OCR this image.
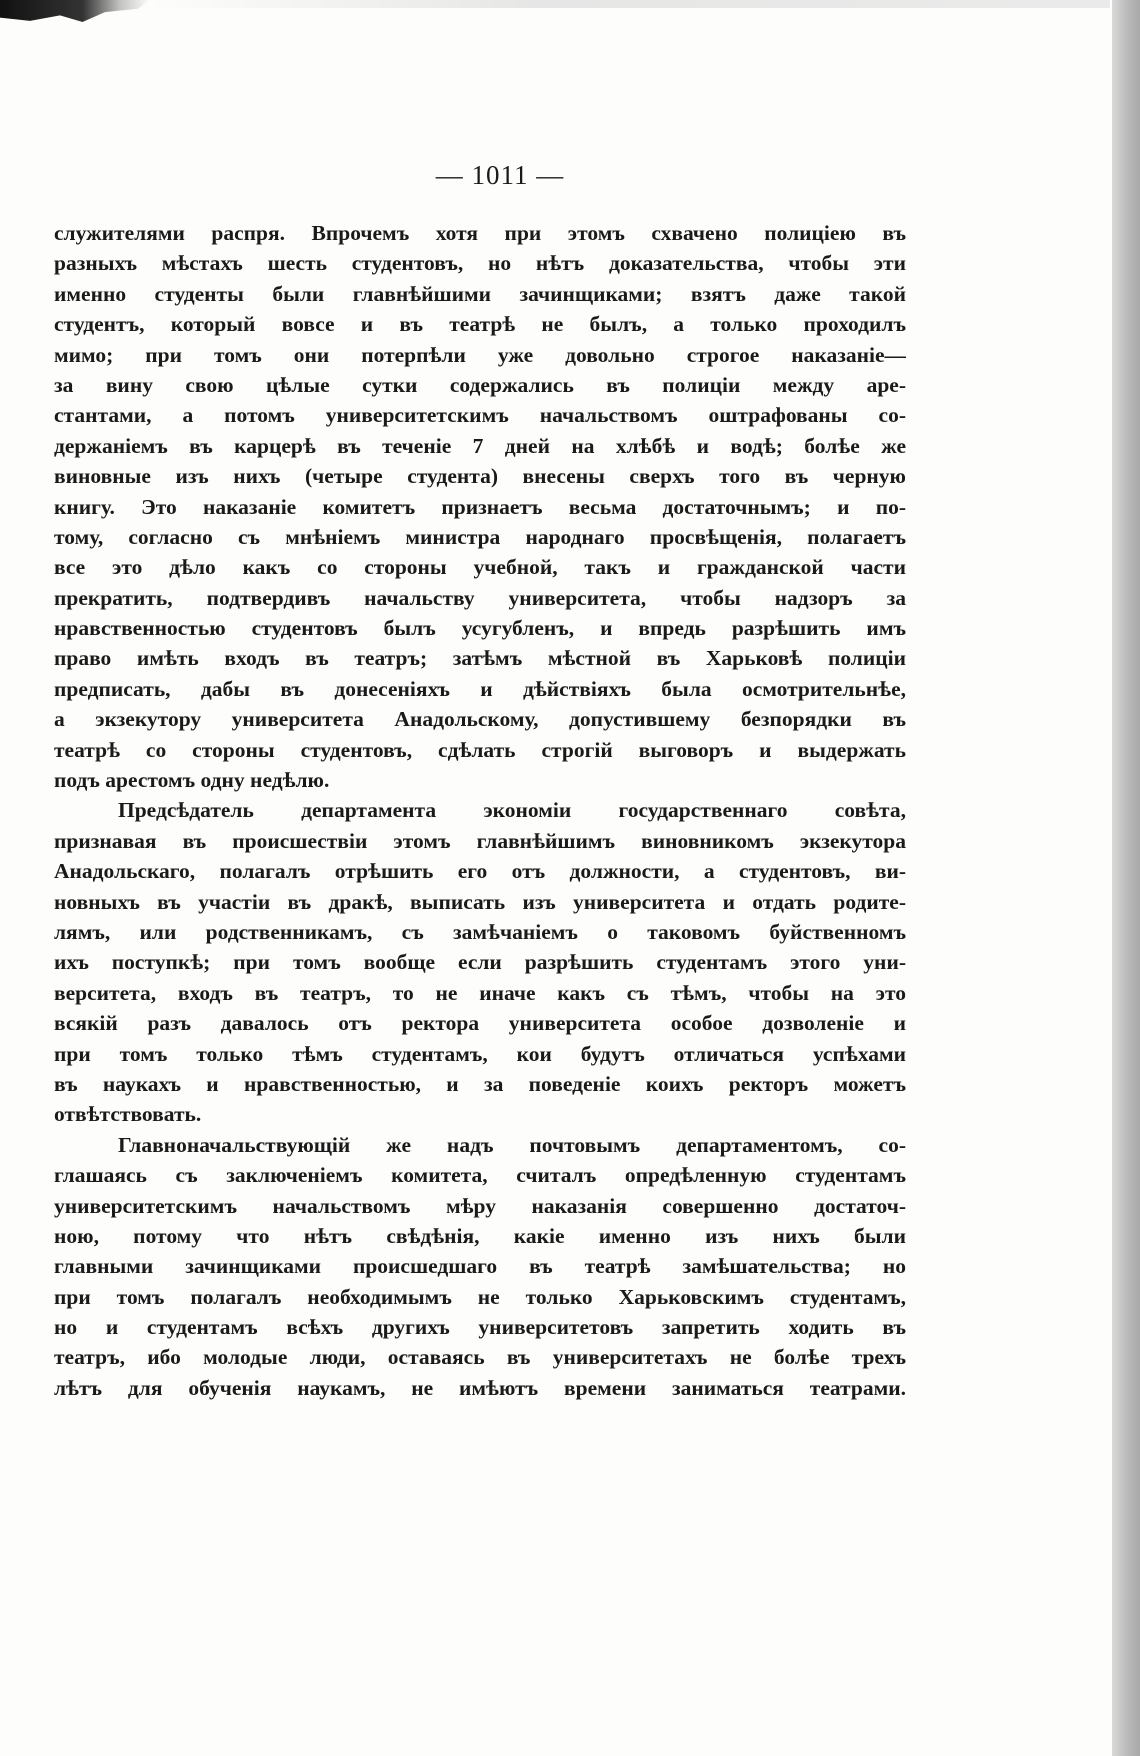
— 1011 —
служителями распря. Впрочемъ хотя при этомъ схвачено полиціею въ
разныхъ мѣстахъ шесть студентовъ, но нѣтъ доказательства, чтобы эти
именно студенты были главнѣйшими зачинщиками; взятъ даже такой
студентъ, который вовсе и въ театрѣ не былъ, а только проходилъ
мимо; при томъ они потерпѣли уже довольно строгое наказаніе—
за вину свою цѣлые сутки содержались въ полиціи между аре-
стантами, а потомъ университетскимъ начальствомъ оштрафованы со-
держаніемъ въ карцерѣ въ теченіе 7 дней на хлѣбѣ и водѣ; болѣе же
виновные изъ нихъ (четыре студента) внесены сверхъ того въ черную
книгу. Это наказаніе комитетъ признаетъ весьма достаточнымъ; и по-
тому, согласно съ мнѣніемъ министра народнаго просвѣщенія, полагаетъ
все это дѣло какъ со стороны учебной, такъ и гражданской части
прекратить, подтвердивъ начальству университета, чтобы надзоръ за
нравственностью студентовъ былъ усугубленъ, и впредь разрѣшить имъ
право имѣть входъ въ театръ; затѣмъ мѣстной въ Харьковѣ полиціи
предписать, дабы въ донесеніяхъ и дѣйствіяхъ была осмотрительнѣе,
а экзекутору университета Анадольскому, допустившему безпорядки въ
театрѣ со стороны студентовъ, сдѣлать строгій выговоръ и выдержать
подъ арестомъ одну недѣлю.
Предсѣдатель департамента экономіи государственнаго совѣта,
признавая въ происшествіи этомъ главнѣйшимъ виновникомъ экзекутора
Анадольскаго, полагалъ отрѣшить его отъ должности, а студентовъ, ви-
новныхъ въ участіи въ дракѣ, выписать изъ университета и отдать родите-
лямъ, или родственникамъ, съ замѣчаніемъ о таковомъ буйственномъ
ихъ поступкѣ; при томъ вообще если разрѣшить студентамъ этого уни-
верситета, входъ въ театръ, то не иначе какъ съ тѣмъ, чтобы на это
всякій разъ давалось отъ ректора университета особое дозволеніе и
при томъ только тѣмъ студентамъ, кои будутъ отличаться успѣхами
въ наукахъ и нравственностью, и за поведеніе коихъ ректоръ можетъ
отвѣтствовать.
Главноначальствующій же надъ почтовымъ департаментомъ, со-
глашаясь съ заключеніемъ комитета, считалъ опредѣленную студентамъ
университетскимъ начальствомъ мѣру наказанія совершенно достаточ-
ною, потому что нѣтъ свѣдѣнія, какіе именно изъ нихъ были
главными зачинщиками происшедшаго въ театрѣ замѣшательства; но
при томъ полагалъ необходимымъ не только Харьковскимъ студентамъ,
но и студентамъ всѣхъ другихъ университетовъ запретить ходить въ
театръ, ибо молодые люди, оставаясь въ университетахъ не болѣе трехъ
лѣтъ для обученія наукамъ, не имѣютъ времени заниматься театрами.
